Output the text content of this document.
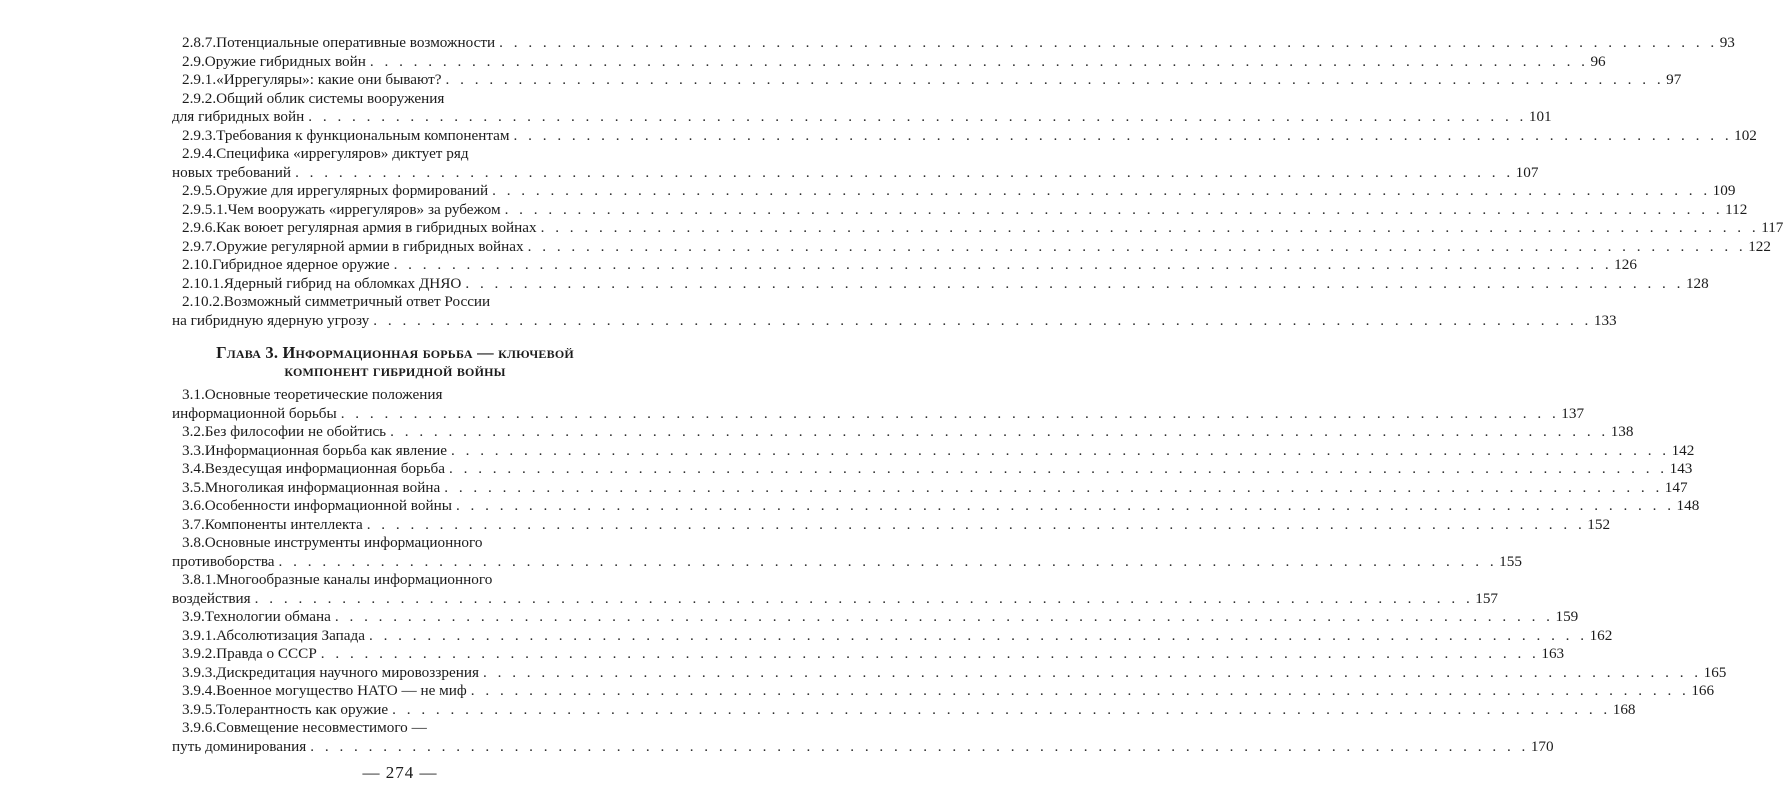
2.8.7. Потенциальные оперативные возможности . . . . . . . . . . . . . . . . . . . . . . . . . . . . . . . . . . . . . . . . . . . . . . . . . . . . . . . . . . . . . . . . . . . . . . . . . . . . . . . . . . . . 93
2.9. Оружие гибридных войн . . . . . . . . . . . . . . . . . . . . . . . . . . . . . . . . . . . . . . . . . . . . . . . . . . . . . . . . . . . . . . . . . . . . . . . . . . . . . . . . . . . . 96
2.9.1. «Иррегуляры»: какие они бывают? . . . . . . . . . . . . . . . . . . . . . . . . . . . . . . . . . . . . . . . . . . . . . . . . . . . . . . . . . . . . . . . . . . . . . . . . . . . . . . . . . . . . 97
2.9.2. Общий облик системы вооружения
для гибридных войн . . . . . . . . . . . . . . . . . . . . . . . . . . . . . . . . . . . . . . . . . . . . . . . . . . . . . . . . . . . . . . . . . . . . . . . . . . . . . . . . . . . . 101
2.9.3. Требования к функциональным компонентам . . . . . . . . . . . . . . . . . . . . . . . . . . . . . . . . . . . . . . . . . . . . . . . . . . . . . . . . . . . . . . . . . . . . . . . . . . . . . . . . . . . . 102
2.9.4. Специфика «иррегуляров» диктует ряд
новых требований . . . . . . . . . . . . . . . . . . . . . . . . . . . . . . . . . . . . . . . . . . . . . . . . . . . . . . . . . . . . . . . . . . . . . . . . . . . . . . . . . . . . 107
2.9.5. Оружие для иррегулярных формирований . . . . . . . . . . . . . . . . . . . . . . . . . . . . . . . . . . . . . . . . . . . . . . . . . . . . . . . . . . . . . . . . . . . . . . . . . . . . . . . . . . . . 109
2.9.5.1. Чем вооружать «иррегуляров» за рубежом . . . . . . . . . . . . . . . . . . . . . . . . . . . . . . . . . . . . . . . . . . . . . . . . . . . . . . . . . . . . . . . . . . . . . . . . . . . . . . . . . . . . 112
2.9.6. Как воюет регулярная армия в гибридных войнах . . . . . . . . . . . . . . . . . . . . . . . . . . . . . . . . . . . . . . . . . . . . . . . . . . . . . . . . . . . . . . . . . . . . . . . . . . . . . . . . . . . . 117
2.9.7. Оружие регулярной армии в гибридных войнах . . . . . . . . . . . . . . . . . . . . . . . . . . . . . . . . . . . . . . . . . . . . . . . . . . . . . . . . . . . . . . . . . . . . . . . . . . . . . . . . . . . . 122
2.10. Гибридное ядерное оружие . . . . . . . . . . . . . . . . . . . . . . . . . . . . . . . . . . . . . . . . . . . . . . . . . . . . . . . . . . . . . . . . . . . . . . . . . . . . . . . . . . . . 126
2.10.1. Ядерный гибрид на обломках ДНЯО . . . . . . . . . . . . . . . . . . . . . . . . . . . . . . . . . . . . . . . . . . . . . . . . . . . . . . . . . . . . . . . . . . . . . . . . . . . . . . . . . . . . 128
2.10.2. Возможный симметричный ответ России
на гибридную ядерную угрозу . . . . . . . . . . . . . . . . . . . . . . . . . . . . . . . . . . . . . . . . . . . . . . . . . . . . . . . . . . . . . . . . . . . . . . . . . . . . . . . . . . . . 133
Глава 3. Информационная борьба — ключевой
компонент гибридной войны
3.1. Основные теоретические положения
информационной борьбы . . . . . . . . . . . . . . . . . . . . . . . . . . . . . . . . . . . . . . . . . . . . . . . . . . . . . . . . . . . . . . . . . . . . . . . . . . . . . . . . . . . . 137
3.2. Без философии не обойтись . . . . . . . . . . . . . . . . . . . . . . . . . . . . . . . . . . . . . . . . . . . . . . . . . . . . . . . . . . . . . . . . . . . . . . . . . . . . . . . . . . . . 138
3.3. Информационная борьба как явление . . . . . . . . . . . . . . . . . . . . . . . . . . . . . . . . . . . . . . . . . . . . . . . . . . . . . . . . . . . . . . . . . . . . . . . . . . . . . . . . . . . . 142
3.4. Вездесущая информационная борьба . . . . . . . . . . . . . . . . . . . . . . . . . . . . . . . . . . . . . . . . . . . . . . . . . . . . . . . . . . . . . . . . . . . . . . . . . . . . . . . . . . . . 143
3.5. Многоликая информационная война . . . . . . . . . . . . . . . . . . . . . . . . . . . . . . . . . . . . . . . . . . . . . . . . . . . . . . . . . . . . . . . . . . . . . . . . . . . . . . . . . . . . 147
3.6. Особенности информационной войны . . . . . . . . . . . . . . . . . . . . . . . . . . . . . . . . . . . . . . . . . . . . . . . . . . . . . . . . . . . . . . . . . . . . . . . . . . . . . . . . . . . . 148
3.7. Компоненты интеллекта . . . . . . . . . . . . . . . . . . . . . . . . . . . . . . . . . . . . . . . . . . . . . . . . . . . . . . . . . . . . . . . . . . . . . . . . . . . . . . . . . . . . 152
3.8. Основные инструменты информационного
противоборства . . . . . . . . . . . . . . . . . . . . . . . . . . . . . . . . . . . . . . . . . . . . . . . . . . . . . . . . . . . . . . . . . . . . . . . . . . . . . . . . . . . . 155
3.8.1. Многообразные каналы информационного
воздействия . . . . . . . . . . . . . . . . . . . . . . . . . . . . . . . . . . . . . . . . . . . . . . . . . . . . . . . . . . . . . . . . . . . . . . . . . . . . . . . . . . . . 157
3.9. Технологии обмана . . . . . . . . . . . . . . . . . . . . . . . . . . . . . . . . . . . . . . . . . . . . . . . . . . . . . . . . . . . . . . . . . . . . . . . . . . . . . . . . . . . . 159
3.9.1. Абсолютизация Запада . . . . . . . . . . . . . . . . . . . . . . . . . . . . . . . . . . . . . . . . . . . . . . . . . . . . . . . . . . . . . . . . . . . . . . . . . . . . . . . . . . . . 162
3.9.2. Правда о СССР . . . . . . . . . . . . . . . . . . . . . . . . . . . . . . . . . . . . . . . . . . . . . . . . . . . . . . . . . . . . . . . . . . . . . . . . . . . . . . . . . . . . 163
3.9.3. Дискредитация научного мировоззрения . . . . . . . . . . . . . . . . . . . . . . . . . . . . . . . . . . . . . . . . . . . . . . . . . . . . . . . . . . . . . . . . . . . . . . . . . . . . . . . . . . . . 165
3.9.4. Военное могущество НАТО — не миф . . . . . . . . . . . . . . . . . . . . . . . . . . . . . . . . . . . . . . . . . . . . . . . . . . . . . . . . . . . . . . . . . . . . . . . . . . . . . . . . . . . . 166
3.9.5. Толерантность как оружие . . . . . . . . . . . . . . . . . . . . . . . . . . . . . . . . . . . . . . . . . . . . . . . . . . . . . . . . . . . . . . . . . . . . . . . . . . . . . . . . . . . . 168
3.9.6. Совмещение несовместимого —
путь доминирования . . . . . . . . . . . . . . . . . . . . . . . . . . . . . . . . . . . . . . . . . . . . . . . . . . . . . . . . . . . . . . . . . . . . . . . . . . . . . . . . . . . . 170
— 274 —
